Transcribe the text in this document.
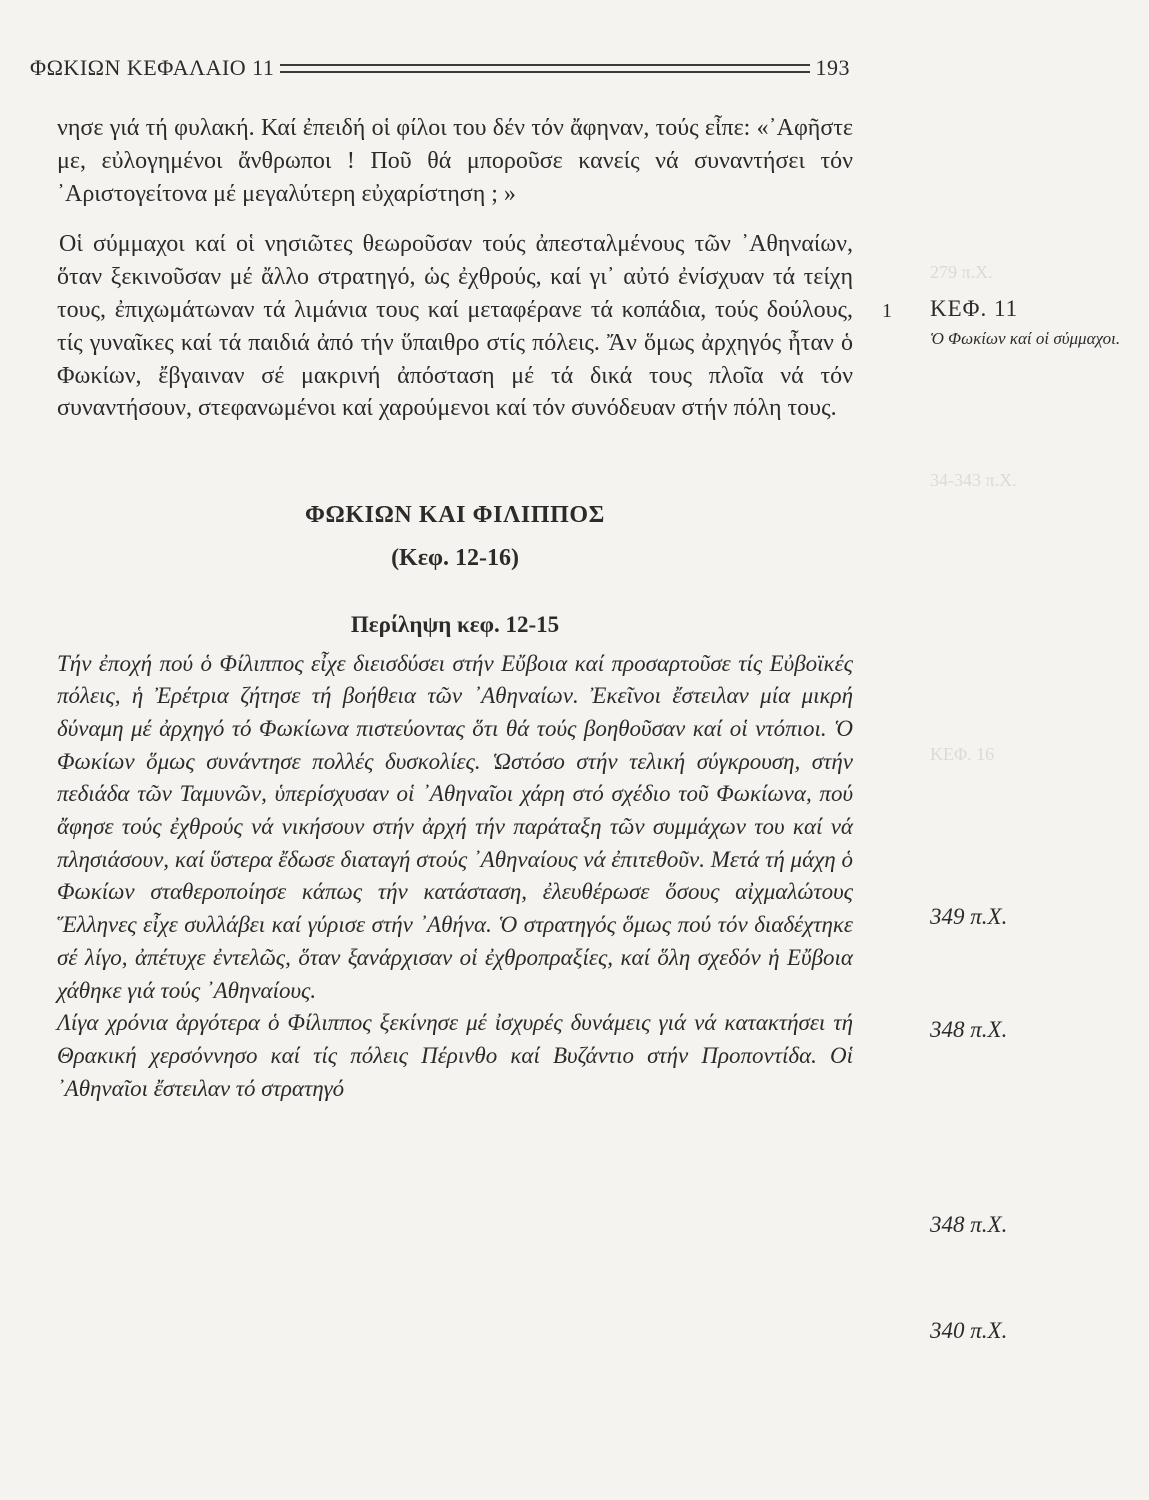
ΦΩΚΙΩΝ ΚΕΦΑΛΑΙΟ 11	193

νησε γιά τή φυλακή. Καί ἐπειδή οἱ φίλοι του δέν τόν ἄφηναν, τούς εἶπε: «᾿Αφῆστε με, εὐλογημένοι ἄνθρωποι ! Ποῦ θά μποροῦσε κανείς νά συναντήσει τόν ᾿Αριστογείτονα μέ μεγαλύτερη εὐχαρίστηση ; »

Οἱ σύμμαχοι καί οἱ νησιῶτες θεωροῦσαν τούς ἀπεσταλμένους τῶν ᾿Αθηναίων, ὅταν ξεκινοῦσαν μέ ἄλλο στρατηγό, ὡς ἐχθρούς, καί γι᾿ αὐτό ἐνίσχυαν τά τείχη τους, ἐπιχωμάτωναν τά λιμάνια τους καί μεταφέρανε τά κοπάδια, τούς δούλους, τίς γυναῖκες καί τά παιδιά ἀπό τήν ὕπαιθρο στίς πόλεις. Ἄν ὅμως ἀρχηγός ἦταν ὁ Φωκίων, ἔβγαιναν σέ μακρινή ἀπόσταση μέ τά δικά τους πλοῖα νά τόν συναντήσουν, στεφανωμένοι καί χαρούμενοι καί τόν συνόδευαν στήν πόλη τους.

ΦΩΚΙΩΝ ΚΑΙ ΦΙΛΙΠΠΟΣ
(Κεφ. 12-16)
Περίληψη κεφ. 12-15

Τήν ἐποχή πού ὁ Φίλιππος εἶχε διεισδύσει στήν Εὔβοια καί προσαρτοῦσε τίς Εὐβοϊκές πόλεις, ἡ Ἐρέτρια ζήτησε τή βοήθεια τῶν ᾿Αθηναίων. Ἐκεῖνοι ἔστειλαν μία μικρή δύναμη μέ ἀρχηγό τό Φωκίωνα πιστεύοντας ὅτι θά τούς βοηθοῦσαν καί οἱ ντόπιοι. Ὁ Φωκίων ὅμως συνάντησε πολλές δυσκολίες. Ὡστόσο στήν τελική σύγκρουση, στήν πεδιάδα τῶν Ταμυνῶν, ὑπερίσχυσαν οἱ ᾿Αθηναῖοι χάρη στό σχέδιο τοῦ Φωκίωνα, πού ἄφησε τούς ἐχθρούς νά νικήσουν στήν ἀρχή τήν παράταξη τῶν συμμάχων του καί νά πλησιάσουν, καί ὕστερα ἔδωσε διαταγή στούς ᾿Αθηναίους νά ἐπιτεθοῦν. Μετά τή μάχη ὁ Φωκίων σταθεροποίησε κάπως τήν κατάσταση, ἐλευθέρωσε ὅσους αἰχμαλώτους Ἕλληνες εἶχε συλλάβει καί γύρισε στήν ᾿Αθήνα. Ὁ στρατηγός ὅμως πού τόν διαδέχτηκε σέ λίγο, ἀπέτυχε ἐντελῶς, ὅταν ξανάρχισαν οἱ ἐχθροπραξίες, καί ὅλη σχεδόν ἡ Εὔβοια χάθηκε γιά τούς ᾿Αθηναίους.

Λίγα χρόνια ἀργότερα ὁ Φίλιππος ξεκίνησε μέ ἰσχυρές δυνάμεις γιά νά κατακτήσει τή Θρακική χερσόννησο καί τίς πόλεις Πέρινθο καί Βυζάντιο στήν Προποντίδα. Οἱ ᾿Αθηναῖοι ἔστειλαν τό στρατηγό

279 π.Χ.
34-343 π.Χ.
ΚΕΦ. 16
1 ΚΕΦ. 11
Ὁ Φωκίων καί οἱ σύμμαχοι.
349 π.Χ.
348 π.Χ.
348 π.Χ.
340 π.Χ.
